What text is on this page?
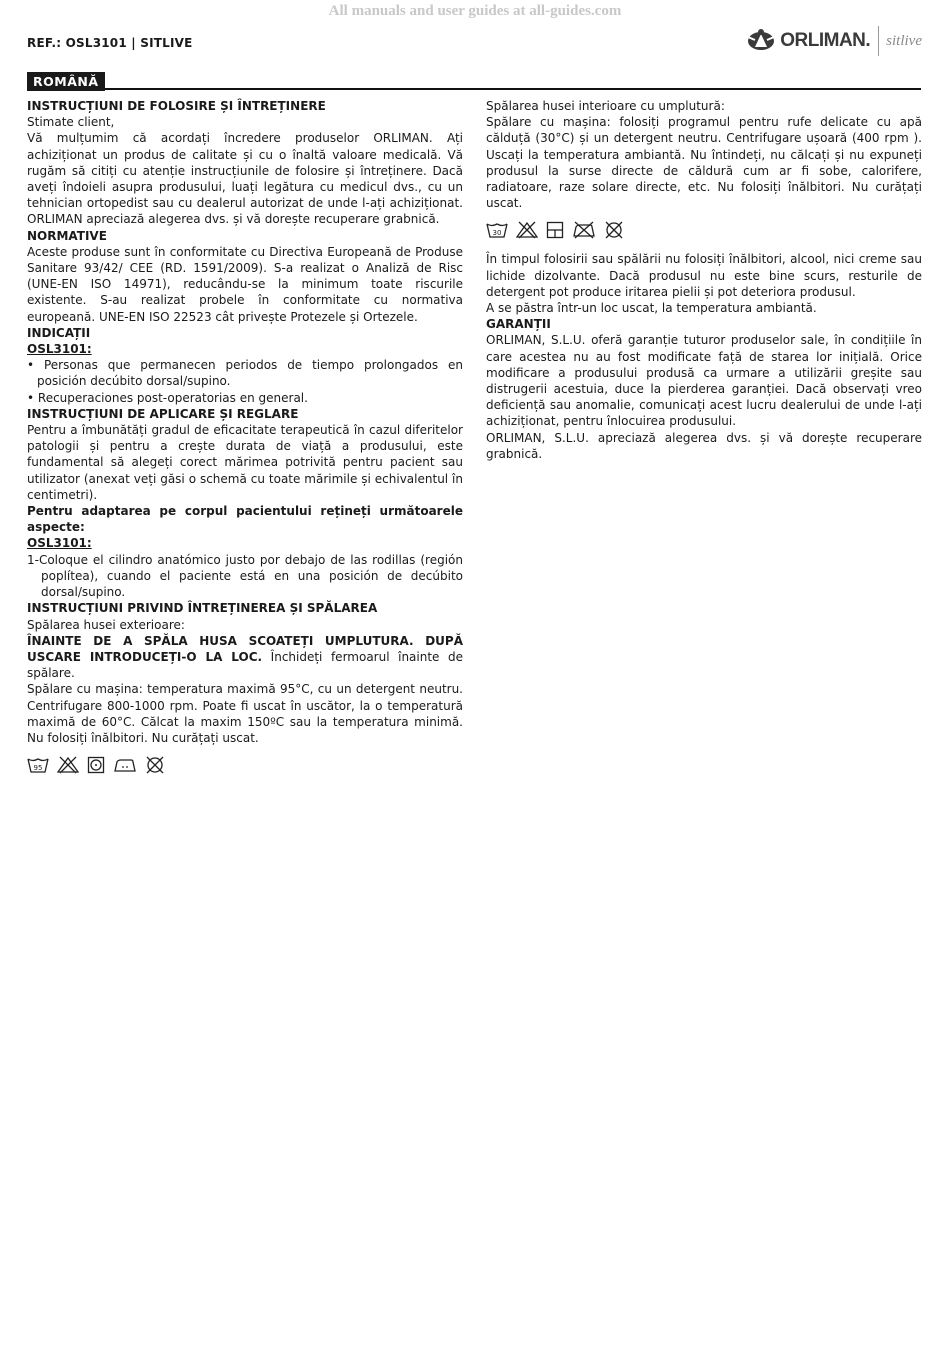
All manuals and user guides at all-guides.com
REF.: OSL3101 | SITLIVE	ORLIMAN. sitlive
ROMÂNĂ

INSTRUCȚIUNI DE FOLOSIRE ȘI ÎNTREȚINERE

Stimate client,

Vă mulțumim că acordați încredere produselor ORLIMAN. Ați achiziționat un produs de calitate și cu o înaltă valoare medicală. Vă rugăm să citiți cu atenție instrucțiunile de folosire și întreținere. Dacă aveți îndoieli asupra produsului, luați legătura cu medicul dvs., cu un tehnician ortopedist sau cu dealerul autorizat de unde l-ați achiziționat. ORLIMAN apreciază alegerea dvs. și vă dorește recuperare grabnică.

NORMATIVE

Aceste produse sunt în conformitate cu Directiva Europeană de Produse Sanitare 93/42/ CEE (RD. 1591/2009). S-a realizat o Analiză de Risc (UNE-EN ISO 14971), reducându-se la minimum toate riscurile existente. S-au realizat probele în conformitate cu normativa europeană. UNE-EN ISO 22523 cât privește Protezele și Ortezele.

INDICAȚII

OSL3101:

• Personas que permanecen periodos de tiempo prolongados en posición decúbito dorsal/supino.
• Recuperaciones post-operatorias en general.

INSTRUCȚIUNI DE APLICARE ȘI REGLARE

Pentru a îmbunătăți gradul de eficacitate terapeutică în cazul diferitelor patologii și pentru a crește durata de viață a produsului, este fundamental să alegeți corect mărimea potrivită pentru pacient sau utilizator (anexat veți găsi o schemă cu toate mărimile și echivalentul în centimetri).

Pentru adaptarea pe corpul pacientului rețineți următoarele aspecte:

OSL3101:

1-Coloque el cilindro anatómico justo por debajo de las rodillas (región poplítea), cuando el paciente está en una posición de decúbito dorsal/supino.

INSTRUCȚIUNI PRIVIND ÎNTREȚINEREA ȘI SPĂLAREA

Spălarea husei exterioare:

ÎNAINTE DE A SPĂLA HUSA SCOATEȚI UMPLUTURA. DUPĂ USCARE INTRODUCEȚI-O LA LOC. Închideți fermoarul înainte de spălare.

Spălare cu mașina: temperatura maximă 95°C, cu un detergent neutru. Centrifugare 800-1000 rpm. Poate fi uscat în uscător, la o temperatură maximă de 60°C. Călcat la maxim 150ºC sau la temperatura minimă. Nu folosiți înălbitori. Nu curățați uscat.

95

Spălarea husei interioare cu umplutură:

Spălare cu mașina: folosiți programul pentru rufe delicate cu apă călduță (30°C) și un detergent neutru. Centrifugare ușoară (400 rpm ). Uscați la temperatura ambiantă. Nu întindeți, nu călcați și nu expuneți produsul la surse directe de căldură cum ar fi sobe, calorifere, radiatoare, raze solare directe, etc. Nu folosiți înălbitori. Nu curățați uscat.

30

În timpul folosirii sau spălării nu folosiți înălbitori, alcool, nici creme sau lichide dizolvante. Dacă produsul nu este bine scurs, resturile de detergent pot produce iritarea pielii și pot deteriora produsul.

A se păstra într-un loc uscat, la temperatura ambiantă.

GARANȚII

ORLIMAN, S.L.U. oferă garanție tuturor produselor sale, în condițiile în care acestea nu au fost modificate față de starea lor inițială. Orice modificare a produsului produsă ca urmare a utilizării greșite sau distrugerii acestuia, duce la pierderea garanției. Dacă observați vreo deficiență sau anomalie, comunicați acest lucru dealerului de unde l-ați achiziționat, pentru înlocuirea produsului.

ORLIMAN, S.L.U. apreciază alegerea dvs. și vă dorește recuperare grabnică.
